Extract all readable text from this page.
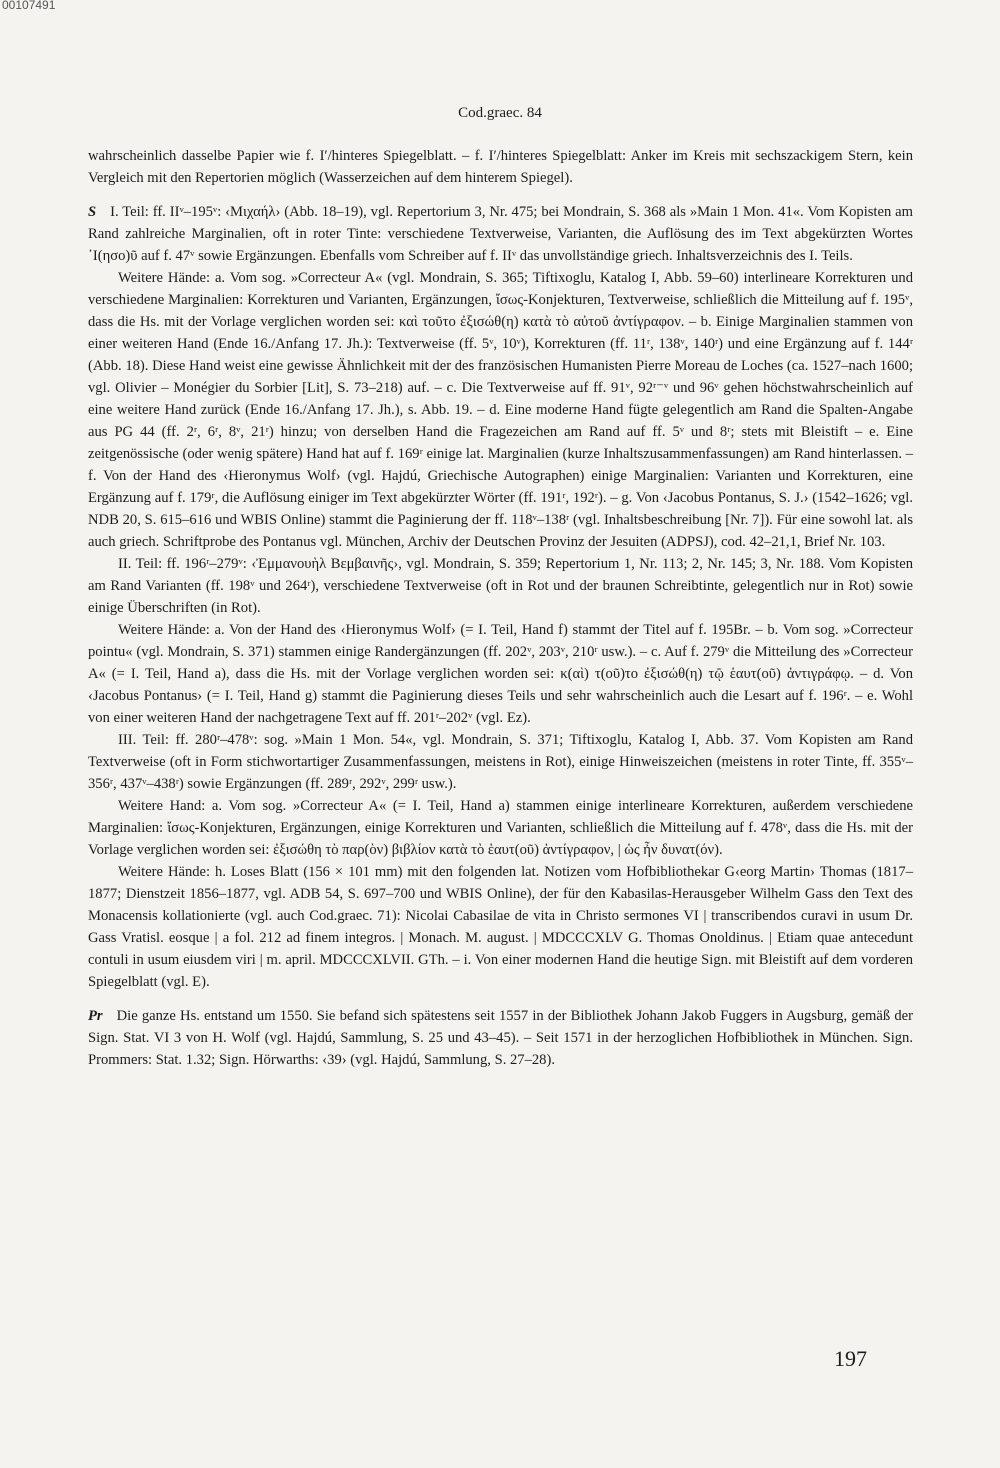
00107491
Cod.graec. 84

wahrscheinlich dasselbe Papier wie f. I′/hinteres Spiegelblatt. – f. I′/hinteres Spiegelblatt: Anker im Kreis mit sechszackigem Stern, kein Vergleich mit den Repertorien möglich (Wasserzeichen auf dem hinterem Spiegel).

S I. Teil: ff. IIᵛ–195ᵛ: ‹Μιχαήλ› (Abb. 18–19), vgl. Repertorium 3, Nr. 475; bei Mondrain, S. 368 als »Main 1 Mon. 41«. Vom Kopisten am Rand zahlreiche Marginalien, oft in roter Tinte: verschiedene Textverweise, Varianten, die Auflösung des im Text abgekürzten Wortes ᾽Ι(ησο)ῦ auf f. 47ᵛ sowie Ergänzungen. Ebenfalls vom Schreiber auf f. IIᵛ das unvollständige griech. Inhaltsverzeichnis des I. Teils.

Weitere Hände: a. Vom sog. »Correcteur A« (vgl. Mondrain, S. 365; Tiftixoglu, Katalog I, Abb. 59–60) interlineare Korrekturen und verschiedene Marginalien: Korrekturen und Varianten, Ergänzungen, ἴσως-Konjekturen, Textverweise, schließlich die Mitteilung auf f. 195ᵛ, dass die Hs. mit der Vorlage verglichen worden sei: καὶ τοῦτο ἐξισώθ(η) κατὰ τὸ αὐτοῦ ἀντίγραφον. – b. Einige Marginalien stammen von einer weiteren Hand (Ende 16./Anfang 17. Jh.): Textverweise (ff. 5ᵛ, 10ᵛ), Korrekturen (ff. 11ʳ, 138ᵛ, 140ʳ) und eine Ergänzung auf f. 144ʳ (Abb. 18). Diese Hand weist eine gewisse Ähnlichkeit mit der des französischen Humanisten Pierre Moreau de Loches (ca. 1527–nach 1600; vgl. Olivier – Monégier du Sorbier [Lit], S. 73–218) auf. – c. Die Textverweise auf ff. 91ᵛ, 92ʳ⁻ᵛ und 96ᵛ gehen höchstwahrscheinlich auf eine weitere Hand zurück (Ende 16./Anfang 17. Jh.), s. Abb. 19. – d. Eine moderne Hand fügte gelegentlich am Rand die Spalten-Angabe aus PG 44 (ff. 2ʳ, 6ʳ, 8ᵛ, 21ʳ) hinzu; von derselben Hand die Fragezeichen am Rand auf ff. 5ᵛ und 8ʳ; stets mit Bleistift – e. Eine zeitgenössische (oder wenig spätere) Hand hat auf f. 169ʳ einige lat. Marginalien (kurze Inhaltszusammenfassungen) am Rand hinterlassen. – f. Von der Hand des ‹Hieronymus Wolf› (vgl. Hajdú, Griechische Autographen) einige Marginalien: Varianten und Korrekturen, eine Ergänzung auf f. 179ʳ, die Auflösung einiger im Text abgekürzter Wörter (ff. 191ʳ, 192ʳ). – g. Von ‹Jacobus Pontanus, S. J.› (1542–1626; vgl. NDB 20, S. 615–616 und WBIS Online) stammt die Paginierung der ff. 118ᵛ–138ʳ (vgl. Inhaltsbeschreibung [Nr. 7]). Für eine sowohl lat. als auch griech. Schriftprobe des Pontanus vgl. München, Archiv der Deutschen Provinz der Jesuiten (ADPSJ), cod. 42–21,1, Brief Nr. 103.

II. Teil: ff. 196ʳ–279ᵛ: ‹Ἐμμανουὴλ Βεμβαινῆς›, vgl. Mondrain, S. 359; Repertorium 1, Nr. 113; 2, Nr. 145; 3, Nr. 188. Vom Kopisten am Rand Varianten (ff. 198ᵛ und 264ʳ), verschiedene Textverweise (oft in Rot und der braunen Schreibtinte, gelegentlich nur in Rot) sowie einige Überschriften (in Rot).

Weitere Hände: a. Von der Hand des ‹Hieronymus Wolf› (= I. Teil, Hand f) stammt der Titel auf f. 195Br. – b. Vom sog. »Correcteur pointu« (vgl. Mondrain, S. 371) stammen einige Randergänzungen (ff. 202ᵛ, 203ᵛ, 210ʳ usw.). – c. Auf f. 279ᵛ die Mitteilung des »Correcteur A« (= I. Teil, Hand a), dass die Hs. mit der Vorlage verglichen worden sei: κ(αὶ) τ(οῦ)το ἐξισώθ(η) τῷ ἑαυτ(οῦ) ἀντιγράφῳ. – d. Von ‹Jacobus Pontanus› (= I. Teil, Hand g) stammt die Paginierung dieses Teils und sehr wahrscheinlich auch die Lesart auf f. 196ʳ. – e. Wohl von einer weiteren Hand der nachgetragene Text auf ff. 201ʳ–202ᵛ (vgl. Ez).

III. Teil: ff. 280ʳ–478ᵛ: sog. »Main 1 Mon. 54«, vgl. Mondrain, S. 371; Tiftixoglu, Katalog I, Abb. 37. Vom Kopisten am Rand Textverweise (oft in Form stichwortartiger Zusammenfassungen, meistens in Rot), einige Hinweiszeichen (meistens in roter Tinte, ff. 355ᵛ–356ʳ, 437ᵛ–438ʳ) sowie Ergänzungen (ff. 289ʳ, 292ᵛ, 299ʳ usw.).

Weitere Hand: a. Vom sog. »Correcteur A« (= I. Teil, Hand a) stammen einige interlineare Korrekturen, außerdem verschiedene Marginalien: ἴσως-Konjekturen, Ergänzungen, einige Korrekturen und Varianten, schließlich die Mitteilung auf f. 478ᵛ, dass die Hs. mit der Vorlage verglichen worden sei: ἐξισώθη τὸ παρ(ὸν) βιβλίον κατὰ τὸ ἑαυτ(οῦ) ἀντίγραφον, | ὡς ἦν δυνατ(όν).

Weitere Hände: h. Loses Blatt (156 × 101 mm) mit den folgenden lat. Notizen vom Hofbibliothekar G‹eorg Martin› Thomas (1817–1877; Dienstzeit 1856–1877, vgl. ADB 54, S. 697–700 und WBIS Online), der für den Kabasilas-Herausgeber Wilhelm Gass den Text des Monacensis kollationierte (vgl. auch Cod.graec. 71): Nicolai Cabasilae de vita in Christo sermones VI | transcribendos curavi in usum Dr. Gass Vratisl. eosque | a fol. 212 ad finem integros. | Monach. M. august. | MDCCCXLV G. Thomas Onoldinus. | Etiam quae antecedunt contuli in usum eiusdem viri | m. april. MDCCCXLVII. GTh. – i. Von einer modernen Hand die heutige Sign. mit Bleistift auf dem vorderen Spiegelblatt (vgl. E).

Pr Die ganze Hs. entstand um 1550. Sie befand sich spätestens seit 1557 in der Bibliothek Johann Jakob Fuggers in Augsburg, gemäß der Sign. Stat. VI 3 von H. Wolf (vgl. Hajdú, Sammlung, S. 25 und 43–45). – Seit 1571 in der herzoglichen Hofbibliothek in München. Sign. Prommers: Stat. 1.32; Sign. Hörwarths: ‹39› (vgl. Hajdú, Sammlung, S. 27–28).

197
